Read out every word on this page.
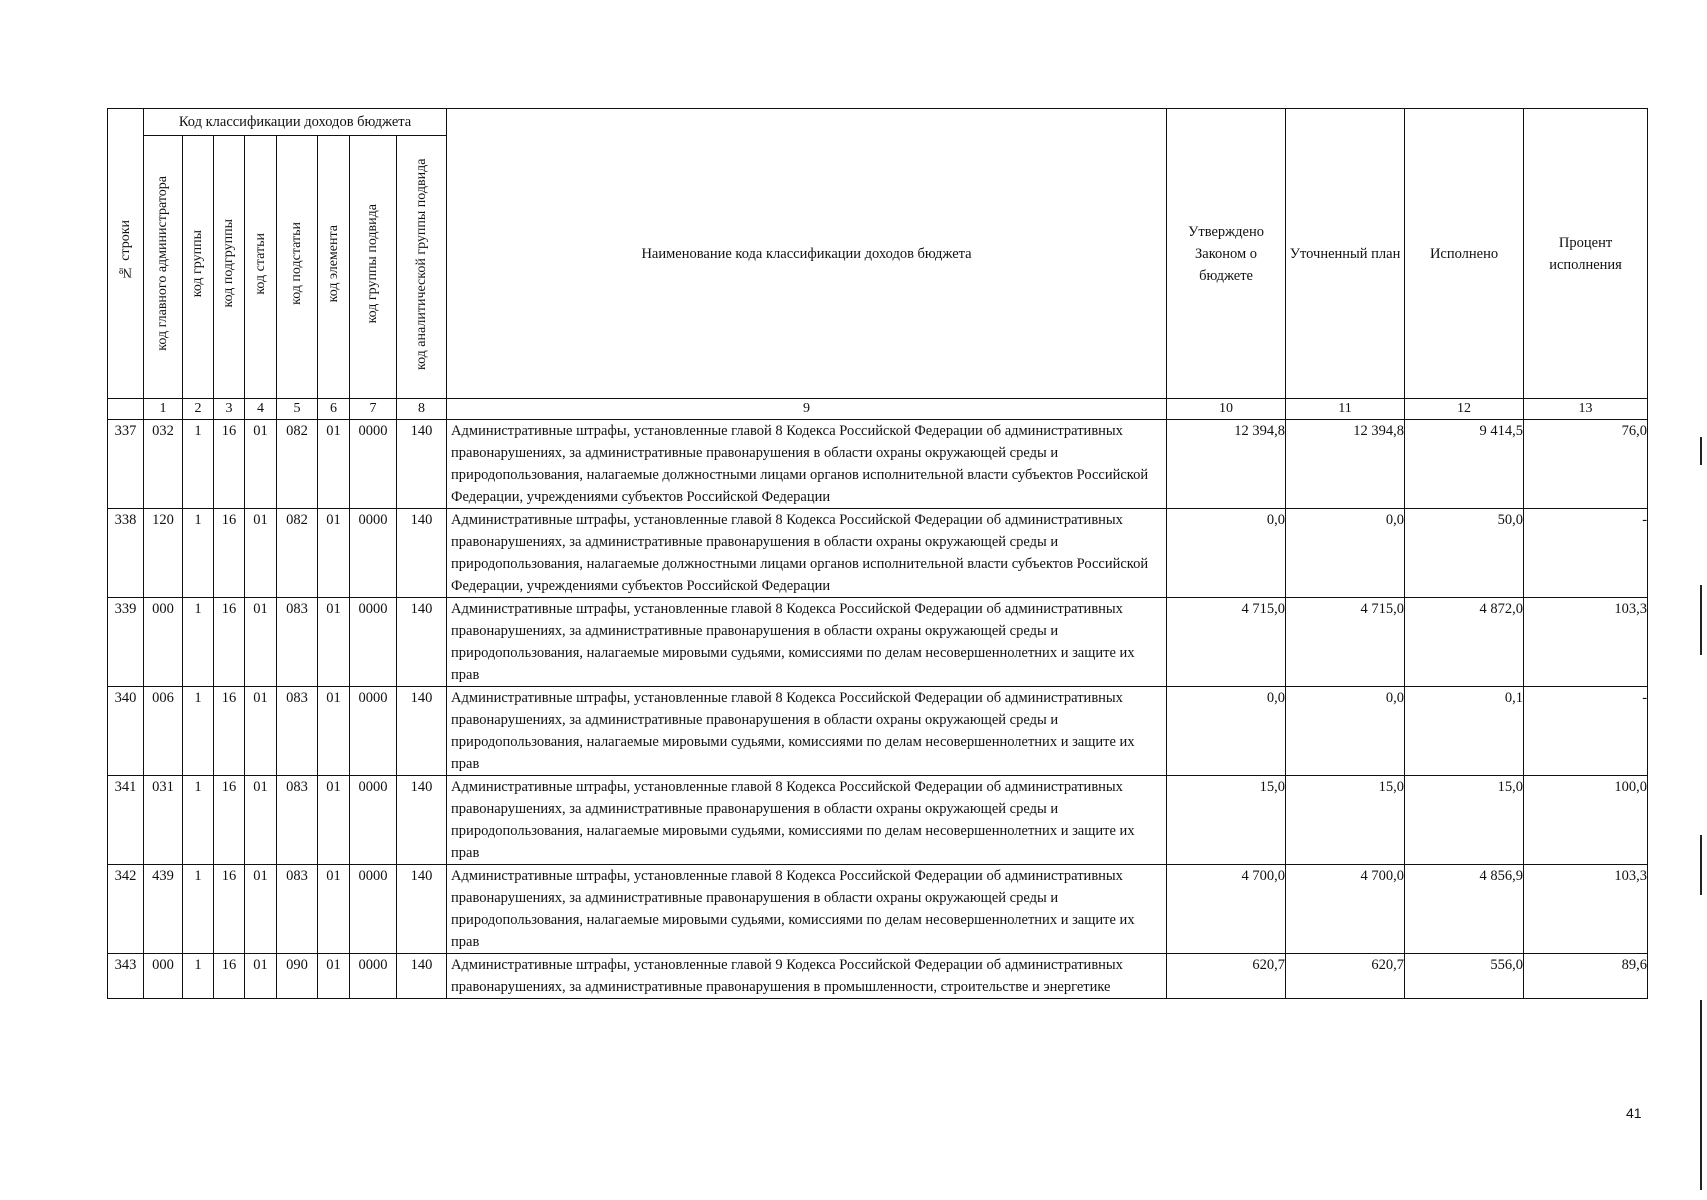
№ строки	Код классификации доходов бюджета								Наименование кода классификации доходов бюджета	Утверждено Законом о бюджете	Уточненный план	Исполнено	Процент исполнения
	код главного администратора	код группы	код подгруппы	код статьи	код подстатьи	код элемента	код группы подвида	код аналитической группы подвида					
	1	2	3	4	5	6	7	8	9	10	11	12	13
337	032	1	16	01	082	01	0000	140	Административные штрафы, установленные главой 8 Кодекса Российской Федерации об административных правонарушениях, за административные правонарушения в области охраны окружающей среды и природопользования, налагаемые должностными лицами органов исполнительной власти субъектов Российской Федерации, учреждениями субъектов Российской Федерации	12 394,8	12 394,8	9 414,5	76,0
338	120	1	16	01	082	01	0000	140	Административные штрафы, установленные главой 8 Кодекса Российской Федерации об административных правонарушениях, за административные правонарушения в области охраны окружающей среды и природопользования, налагаемые должностными лицами органов исполнительной власти субъектов Российской Федерации, учреждениями субъектов Российской Федерации	0,0	0,0	50,0	-
339	000	1	16	01	083	01	0000	140	Административные штрафы, установленные главой 8 Кодекса Российской Федерации об административных правонарушениях, за административные правонарушения в области охраны окружающей среды и природопользования, налагаемые мировыми судьями, комиссиями по делам несовершеннолетних и защите их прав	4 715,0	4 715,0	4 872,0	103,3
340	006	1	16	01	083	01	0000	140	Административные штрафы, установленные главой 8 Кодекса Российской Федерации об административных правонарушениях, за административные правонарушения в области охраны окружающей среды и природопользования, налагаемые мировыми судьями, комиссиями по делам несовершеннолетних и защите их прав	0,0	0,0	0,1	-
341	031	1	16	01	083	01	0000	140	Административные штрафы, установленные главой 8 Кодекса Российской Федерации об административных правонарушениях, за административные правонарушения в области охраны окружающей среды и природопользования, налагаемые мировыми судьями, комиссиями по делам несовершеннолетних и защите их прав	15,0	15,0	15,0	100,0
342	439	1	16	01	083	01	0000	140	Административные штрафы, установленные главой 8 Кодекса Российской Федерации об административных правонарушениях, за административные правонарушения в области охраны окружающей среды и природопользования, налагаемые мировыми судьями, комиссиями по делам несовершеннолетних и защите их прав	4 700,0	4 700,0	4 856,9	103,3
343	000	1	16	01	090	01	0000	140	Административные штрафы, установленные главой 9 Кодекса Российской Федерации об административных правонарушениях, за административные правонарушения в промышленности, строительстве и энергетике	620,7	620,7	556,0	89,6
41
